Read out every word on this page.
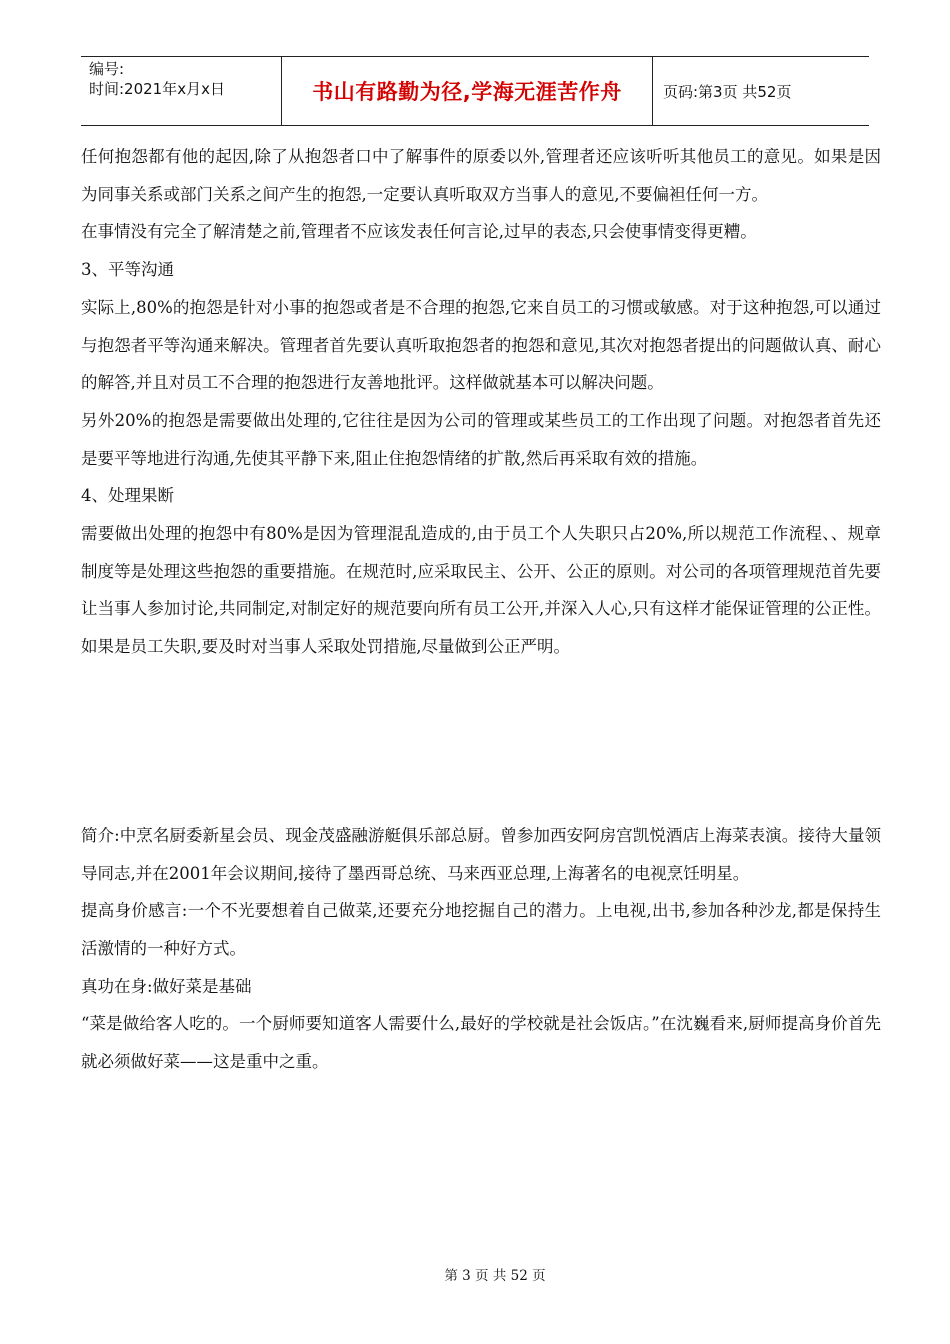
编号:
时间:2021年x月x日	书山有路勤为径,学海无涯苦作舟	页码:第3页 共52页

任何抱怨都有他的起因,除了从抱怨者口中了解事件的原委以外,管理者还应该听听其他员工的意见。如果是因为同事关系或部门关系之间产生的抱怨,一定要认真听取双方当事人的意见,不要偏袒任何一方。

在事情没有完全了解清楚之前,管理者不应该发表任何言论,过早的表态,只会使事情变得更糟。

3、平等沟通

实际上,80%的抱怨是针对小事的抱怨或者是不合理的抱怨,它来自员工的习惯或敏感。对于这种抱怨,可以通过与抱怨者平等沟通来解决。管理者首先要认真听取抱怨者的抱怨和意见,其次对抱怨者提出的问题做认真、耐心的解答,并且对员工不合理的抱怨进行友善地批评。这样做就基本可以解决问题。

另外20%的抱怨是需要做出处理的,它往往是因为公司的管理或某些员工的工作出现了问题。对抱怨者首先还是要平等地进行沟通,先使其平静下来,阻止住抱怨情绪的扩散,然后再采取有效的措施。

4、处理果断

需要做出处理的抱怨中有80%是因为管理混乱造成的,由于员工个人失职只占20%,所以规范工作流程、、规章制度等是处理这些抱怨的重要措施。在规范时,应采取民主、公开、公正的原则。对公司的各项管理规范首先要让当事人参加讨论,共同制定,对制定好的规范要向所有员工公开,并深入人心,只有这样才能保证管理的公正性。如果是员工失职,要及时对当事人采取处罚措施,尽量做到公正严明。

简介:中烹名厨委新星会员、现金茂盛融游艇俱乐部总厨。曾参加西安阿房宫凯悦酒店上海菜表演。接待大量领导同志,并在2001年会议期间,接待了墨西哥总统、马来西亚总理,上海著名的电视烹饪明星。

提高身价感言:一个不光要想着自己做菜,还要充分地挖掘自己的潜力。上电视,出书,参加各种沙龙,都是保持生活激情的一种好方式。

真功在身:做好菜是基础

“菜是做给客人吃的。一个厨师要知道客人需要什么,最好的学校就是社会饭店。”在沈巍看来,厨师提高身价首先就必须做好菜——这是重中之重。

第 3 页 共 52 页
